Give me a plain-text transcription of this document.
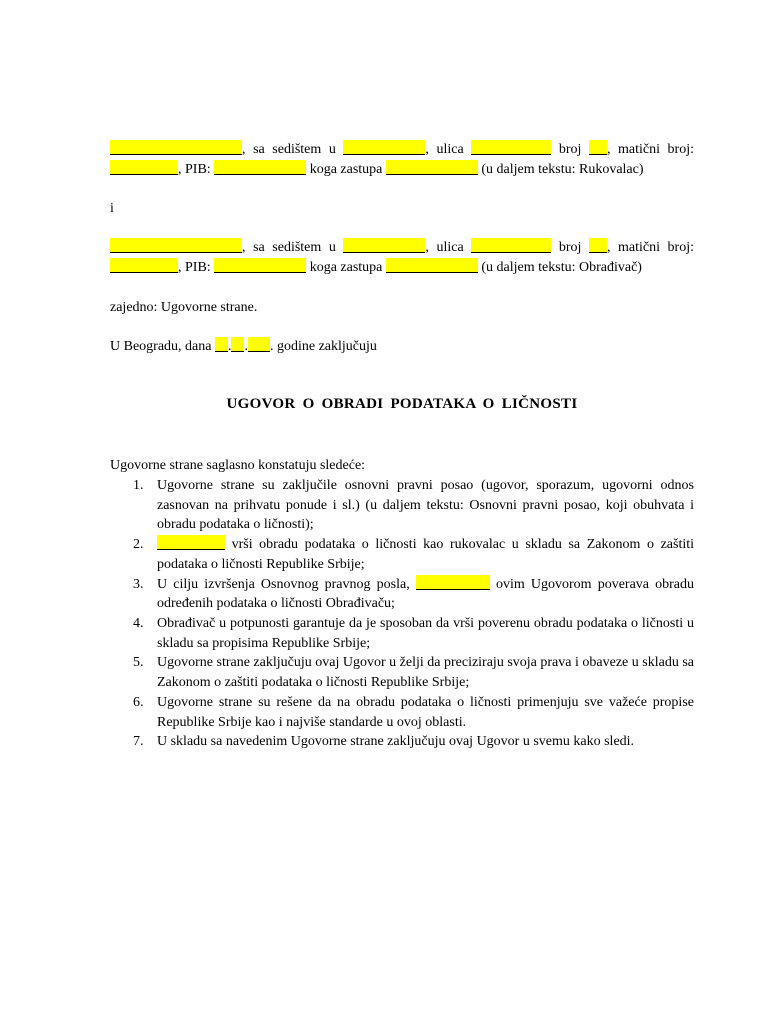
, sa sedištem u	, ulica	broj , matični broj: , PIB:	koga zastupa	(u daljem tekstu: Rukovalac)

i

, sa sedištem u	, ulica	broj , matični broj: , PIB:	koga zastupa	(u daljem tekstu: Obrađivač)

zajedno: Ugovorne strane.

U Beogradu, dana . . . godine zaključuju

UGOVOR O OBRADI PODATAKA O LIČNOSTI

Ugovorne strane saglasno konstatuju sledeće:

1. Ugovorne strane su zaključile osnovni pravni posao (ugovor, sporazum, ugovorni odnos zasnovan na prihvatu ponude i sl.) (u daljem tekstu: Osnovni pravni posao, koji obuhvata i obradu podataka o ličnosti);
2.	vrši obradu podataka o ličnosti kao rukovalac u skladu sa Zakonom o zaštiti podataka o ličnosti Republike Srbije;
3. U cilju izvršenja Osnovnog pravnog posla,	ovim Ugovorom poverava obradu određenih podataka o ličnosti Obrađivaču;
4. Obrađivač u potpunosti garantuje da je sposoban da vrši poverenu obradu podataka o ličnosti u skladu sa propisima Republike Srbije;
5. Ugovorne strane zaključuju ovaj Ugovor u želji da preciziraju svoja prava i obaveze u skladu sa Zakonom o zaštiti podataka o ličnosti Republike Srbije;
6. Ugovorne strane su rešene da na obradu podataka o ličnosti primenjuju sve važeće propise Republike Srbije kao i najviše standarde u ovoj oblasti.
7. U skladu sa navedenim Ugovorne strane zaključuju ovaj Ugovor u svemu kako sledi.
